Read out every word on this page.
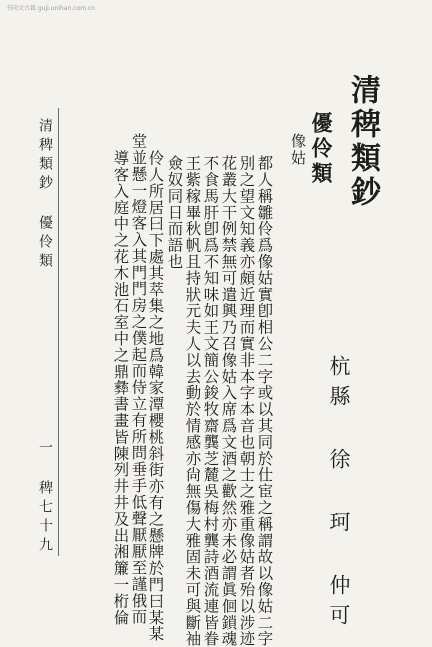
书同文古籍 guji.unihan.com.cn
清稗類鈔
杭縣 徐 珂 仲可
優伶類
像姑
都人稱雛伶爲像姑實卽相公二字或以其同於仕宦之稱謂故以像姑二字
別之望文知義亦頗近理而實非本字本音也朝士之雅重像姑者殆以涉迹
花叢大干例禁無可遣興乃召像姑入席爲文酒之歡然亦未必謂眞佪鎖魂
不食馬肝卽爲不知味如王文簡公鋑牧齋龔芝麓吳梅村龔詩酒流連皆眷
王紫稼畢秋帆且持狀元夫人以去動於情感亦尙無傷大雅固未可與斷袖
僉奴同日而語也
伶人所居曰下處其萃集之地爲韓家潭櫻桃斜街亦有之懸牌於門曰某某
堂並懸一燈客入其門門房之僕起而侍立有所問垂手低聲厭厭至謹俄而
導客入庭中之花木池石室中之鼎彝書畫皆陳列井井及出湘簾一桁倫
清稗類鈔 優伶類
一 稗七十九
